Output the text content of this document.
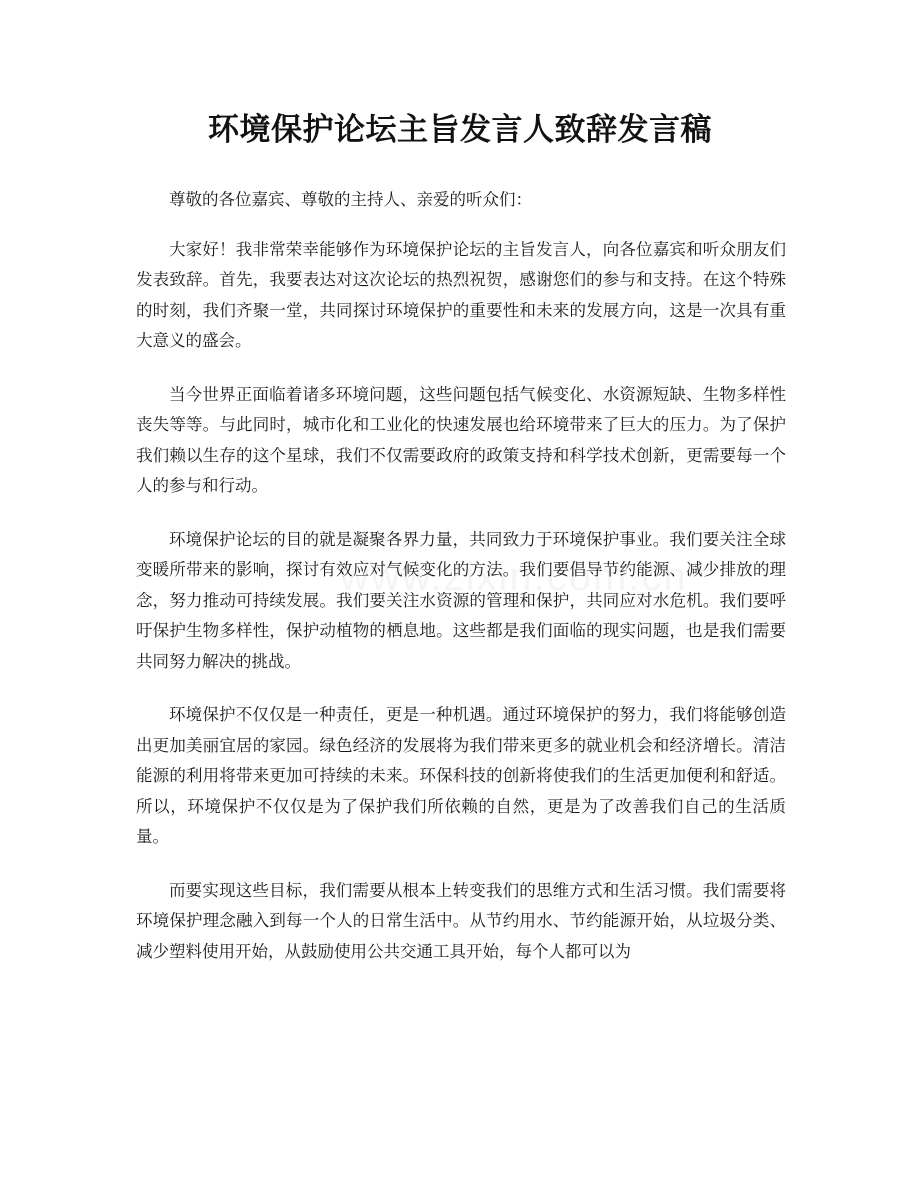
环境保护论坛主旨发言人致辞发言稿

尊敬的各位嘉宾、尊敬的主持人、亲爱的听众们：

大家好！我非常荣幸能够作为环境保护论坛的主旨发言人，向各位嘉宾和听众朋友们发表致辞。首先，我要表达对这次论坛的热烈祝贺，感谢您们的参与和支持。在这个特殊的时刻，我们齐聚一堂，共同探讨环境保护的重要性和未来的发展方向，这是一次具有重大意义的盛会。

当今世界正面临着诸多环境问题，这些问题包括气候变化、水资源短缺、生物多样性丧失等等。与此同时，城市化和工业化的快速发展也给环境带来了巨大的压力。为了保护我们赖以生存的这个星球，我们不仅需要政府的政策支持和科学技术创新，更需要每一个人的参与和行动。

环境保护论坛的目的就是凝聚各界力量，共同致力于环境保护事业。我们要关注全球变暖所带来的影响，探讨有效应对气候变化的方法。我们要倡导节约能源、减少排放的理念，努力推动可持续发展。我们要关注水资源的管理和保护，共同应对水危机。我们要呼吁保护生物多样性，保护动植物的栖息地。这些都是我们面临的现实问题，也是我们需要共同努力解决的挑战。

环境保护不仅仅是一种责任，更是一种机遇。通过环境保护的努力，我们将能够创造出更加美丽宜居的家园。绿色经济的发展将为我们带来更多的就业机会和经济增长。清洁能源的利用将带来更加可持续的未来。环保科技的创新将使我们的生活更加便利和舒适。所以，环境保护不仅仅是为了保护我们所依赖的自然，更是为了改善我们自己的生活质量。

而要实现这些目标，我们需要从根本上转变我们的思维方式和生活习惯。我们需要将环境保护理念融入到每一个人的日常生活中。从节约用水、节约能源开始，从垃圾分类、减少塑料使用开始，从鼓励使用公共交通工具开始，每个人都可以为
